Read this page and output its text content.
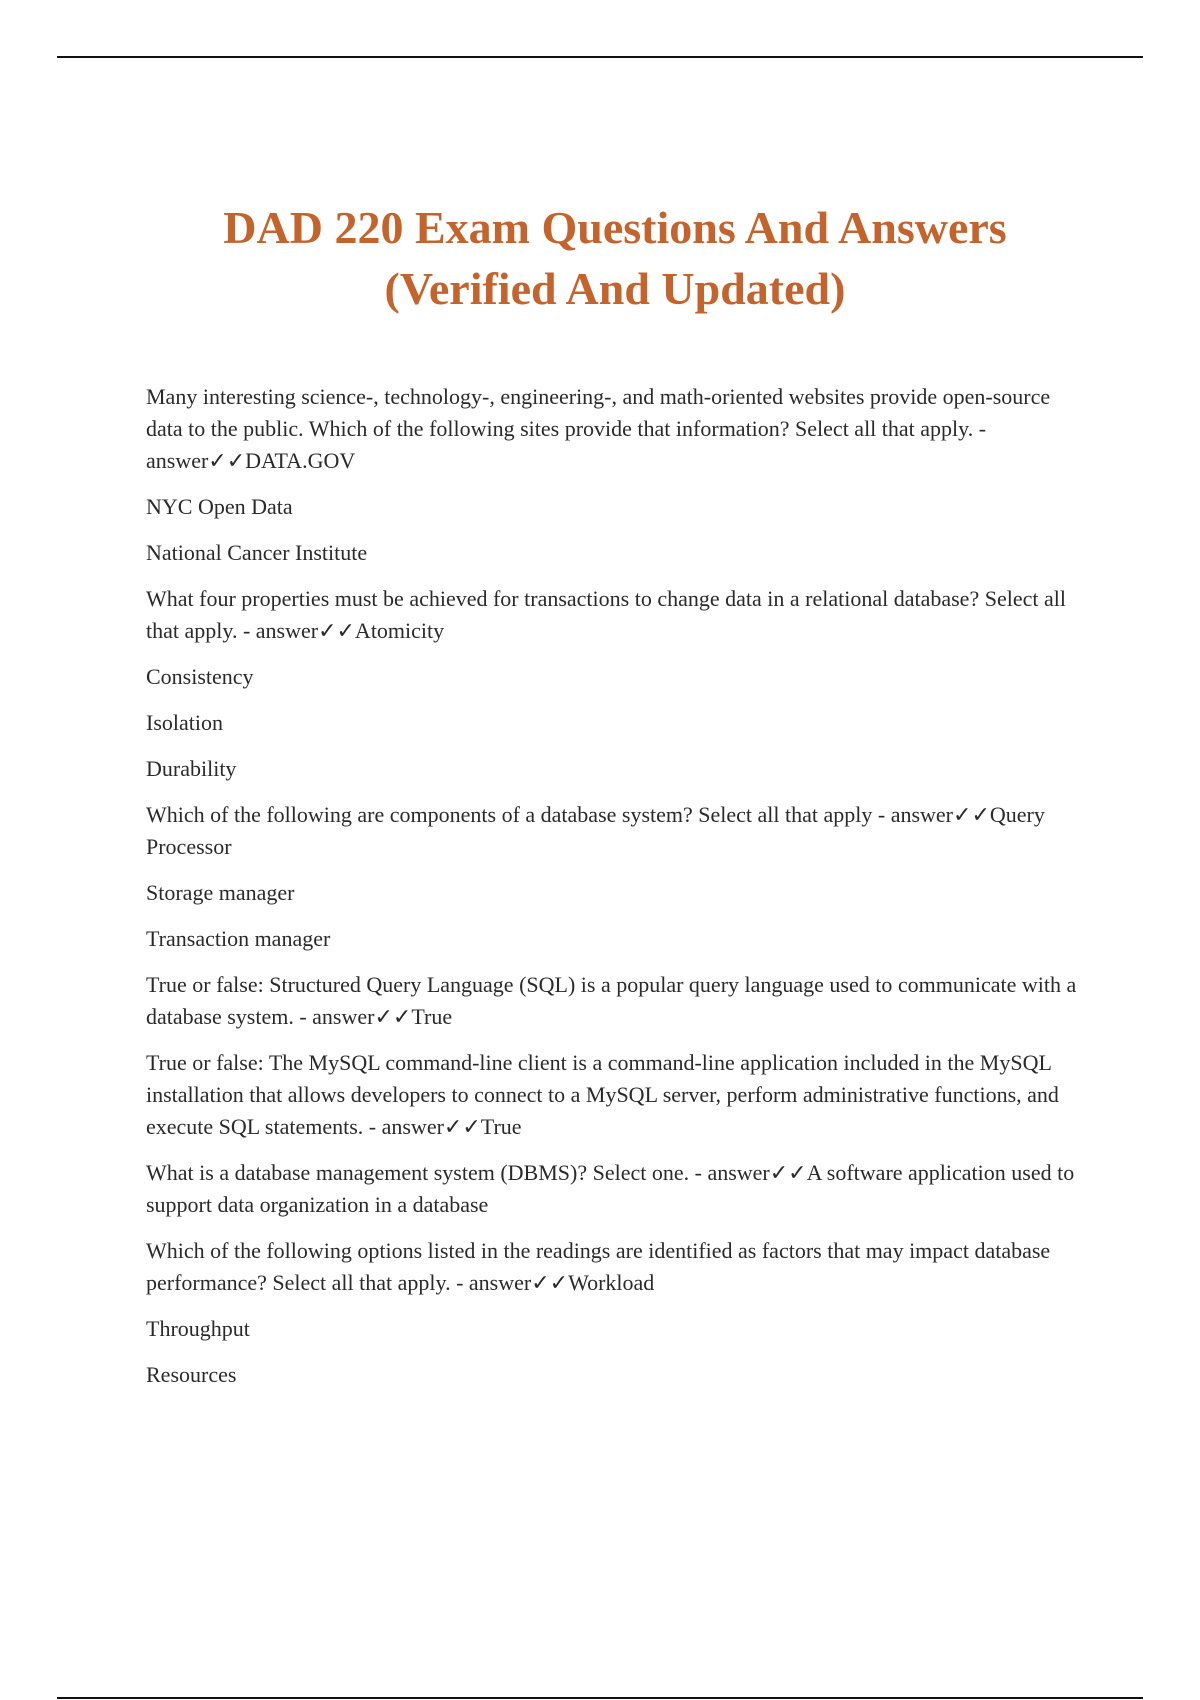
DAD 220 Exam Questions And Answers
(Verified And Updated)

Many interesting science-, technology-, engineering-, and math-oriented websites provide open-source data to the public. Which of the following sites provide that information? Select all that apply. - answer✓✓DATA.GOV

NYC Open Data

National Cancer Institute

What four properties must be achieved for transactions to change data in a relational database? Select all that apply. - answer✓✓Atomicity

Consistency

Isolation

Durability

Which of the following are components of a database system? Select all that apply - answer✓✓Query Processor

Storage manager

Transaction manager

True or false: Structured Query Language (SQL) is a popular query language used to communicate with a database system. - answer✓✓True

True or false: The MySQL command-line client is a command-line application included in the MySQL installation that allows developers to connect to a MySQL server, perform administrative functions, and execute SQL statements. - answer✓✓True

What is a database management system (DBMS)? Select one. - answer✓✓A software application used to support data organization in a database

Which of the following options listed in the readings are identified as factors that may impact database performance? Select all that apply. - answer✓✓Workload

Throughput

Resources
